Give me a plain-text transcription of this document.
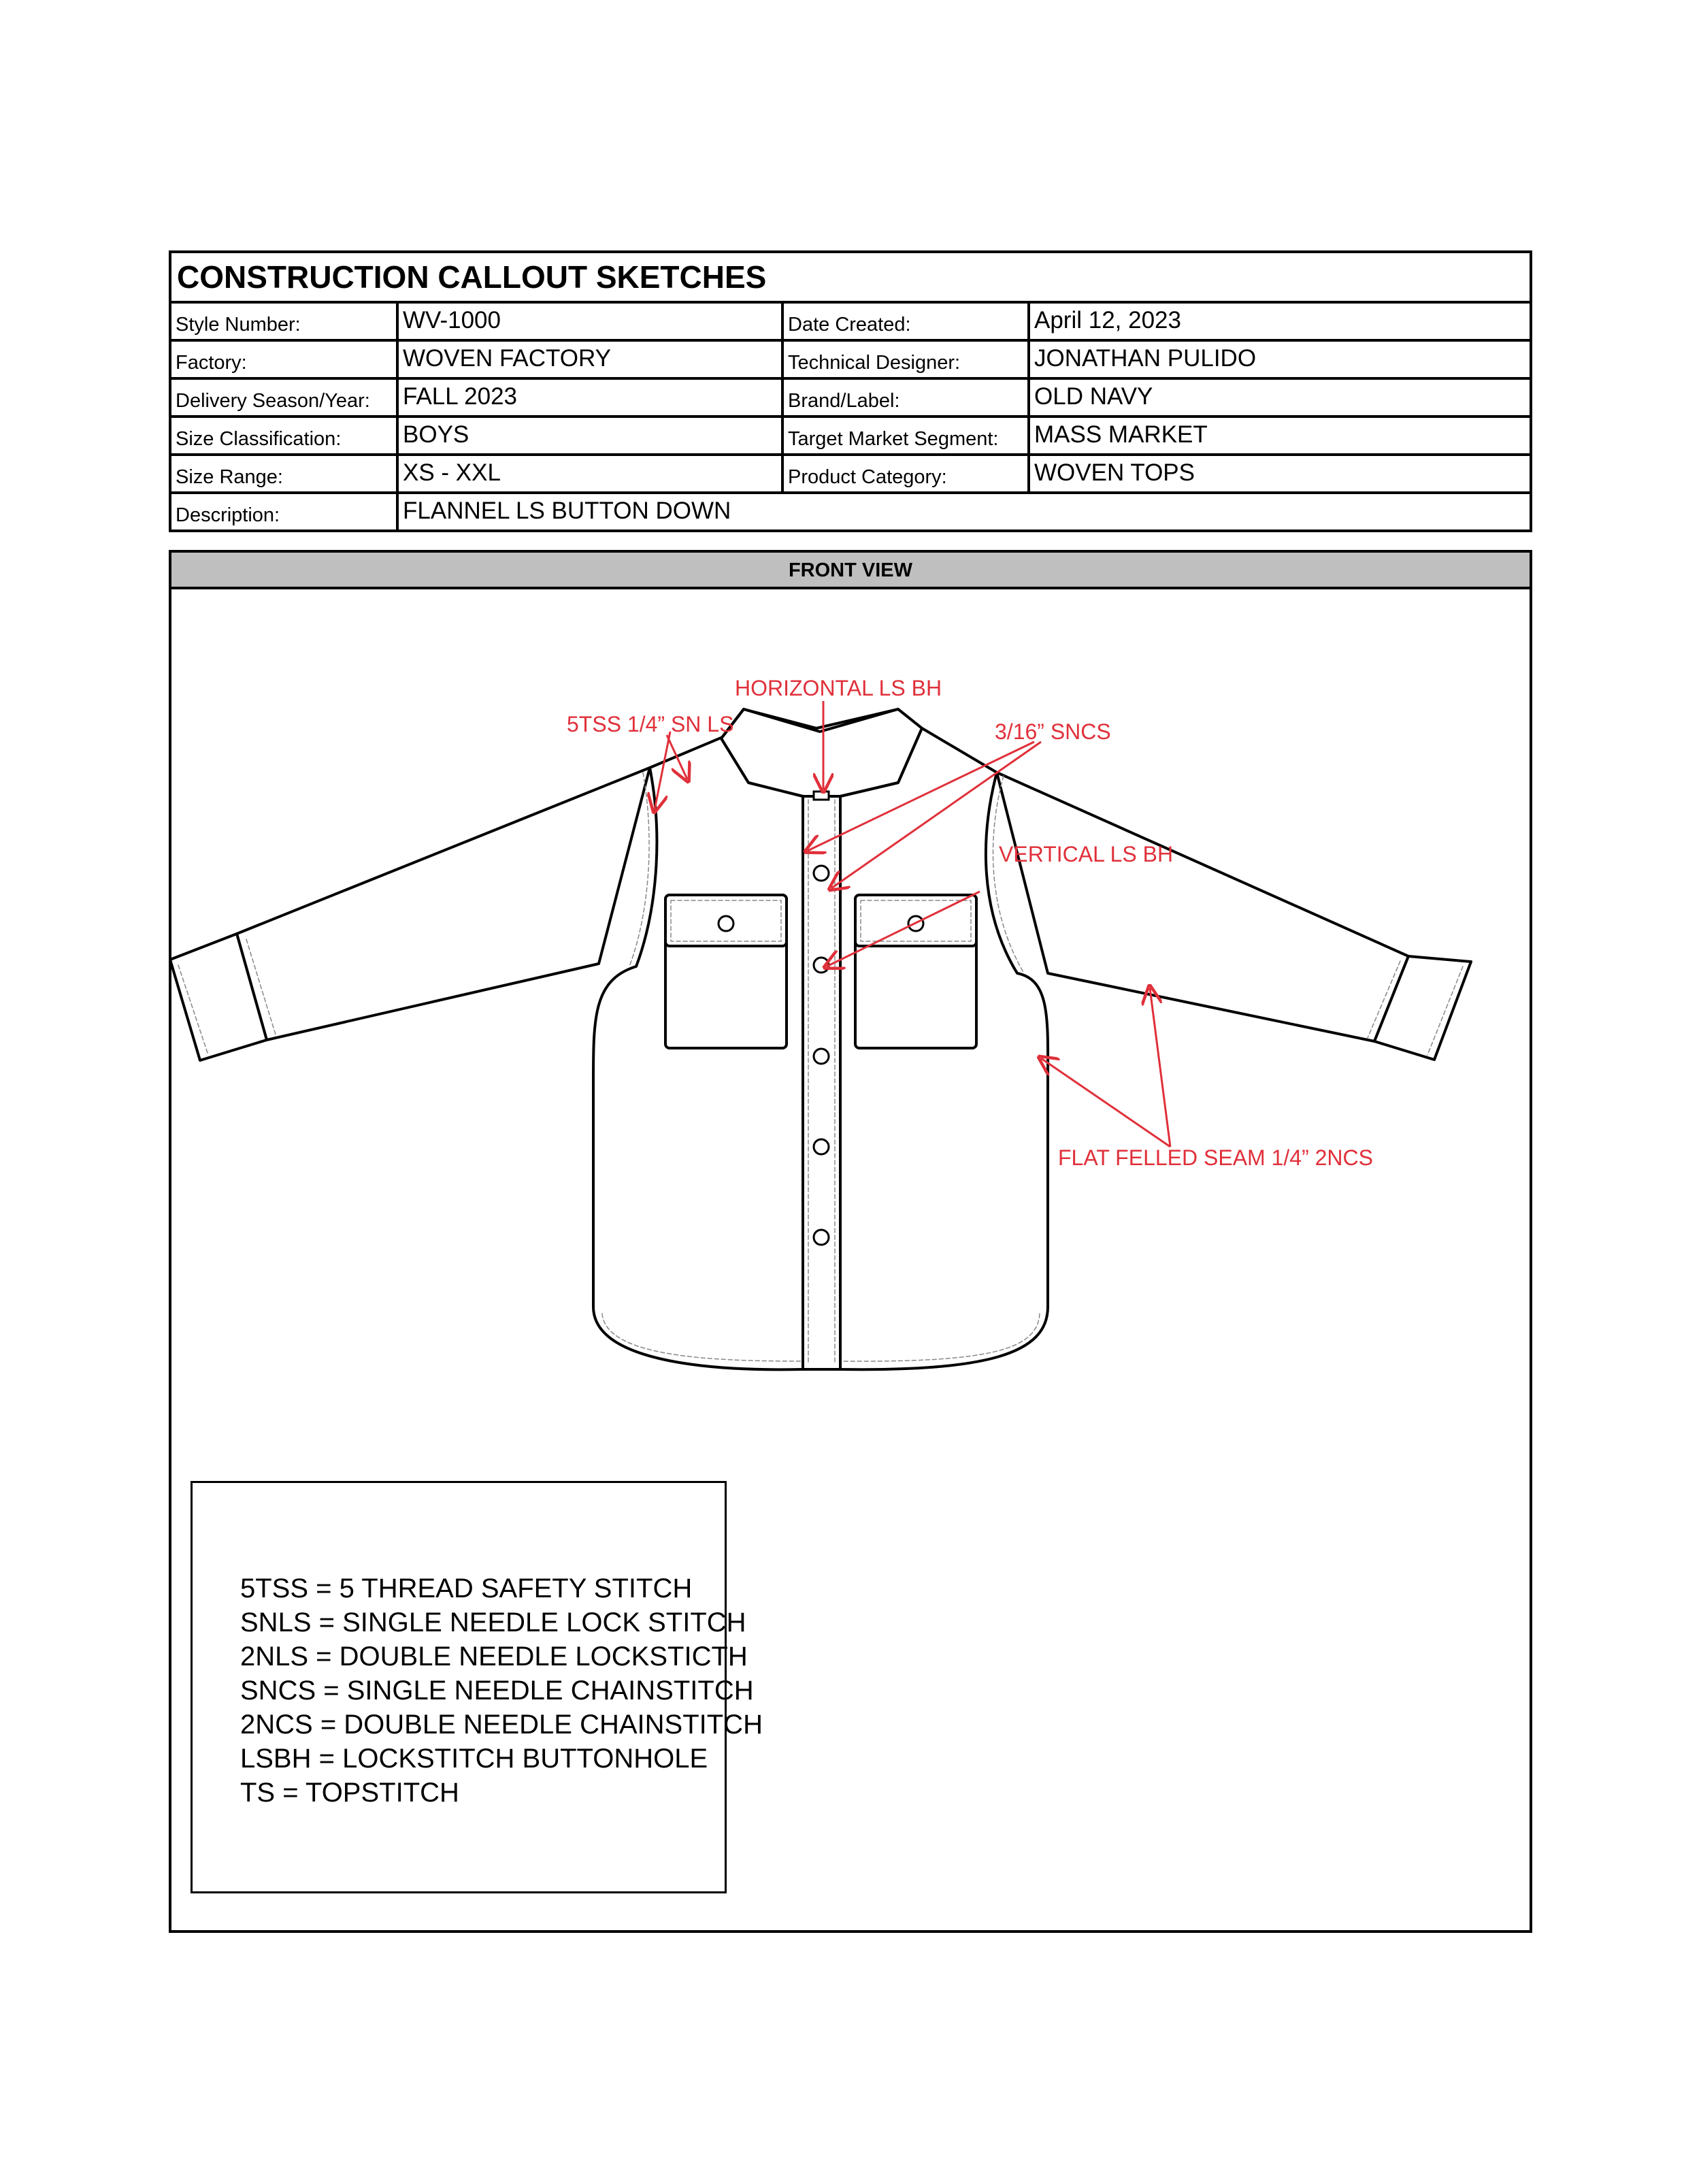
CONSTRUCTION CALLOUT SKETCHES
Style Number:	WV-1000	Date Created:	April 12, 2023
Factory:	WOVEN FACTORY	Technical Designer:	JONATHAN PULIDO
Delivery Season/Year:	FALL 2023	Brand/Label:	OLD NAVY
Size Classification:	BOYS	Target Market Segment:	MASS MARKET
Size Range:	XS - XXL	Product Category:	WOVEN TOPS
Description:	FLANNEL LS BUTTON DOWN
FRONT VIEW
HORIZONTAL LS BH
5TSS 1/4” SN LS	3/16” SNCS
VERTICAL LS BH
FLAT FELLED SEAM 1/4” 2NCS
5TSS = 5 THREAD SAFETY STITCH
SNLS = SINGLE NEEDLE LOCK STITCH
2NLS = DOUBLE NEEDLE LOCKSTICTH
SNCS = SINGLE NEEDLE CHAINSTITCH
2NCS = DOUBLE NEEDLE CHAINSTITCH
LSBH = LOCKSTITCH BUTTONHOLE
TS = TOPSTITCH
